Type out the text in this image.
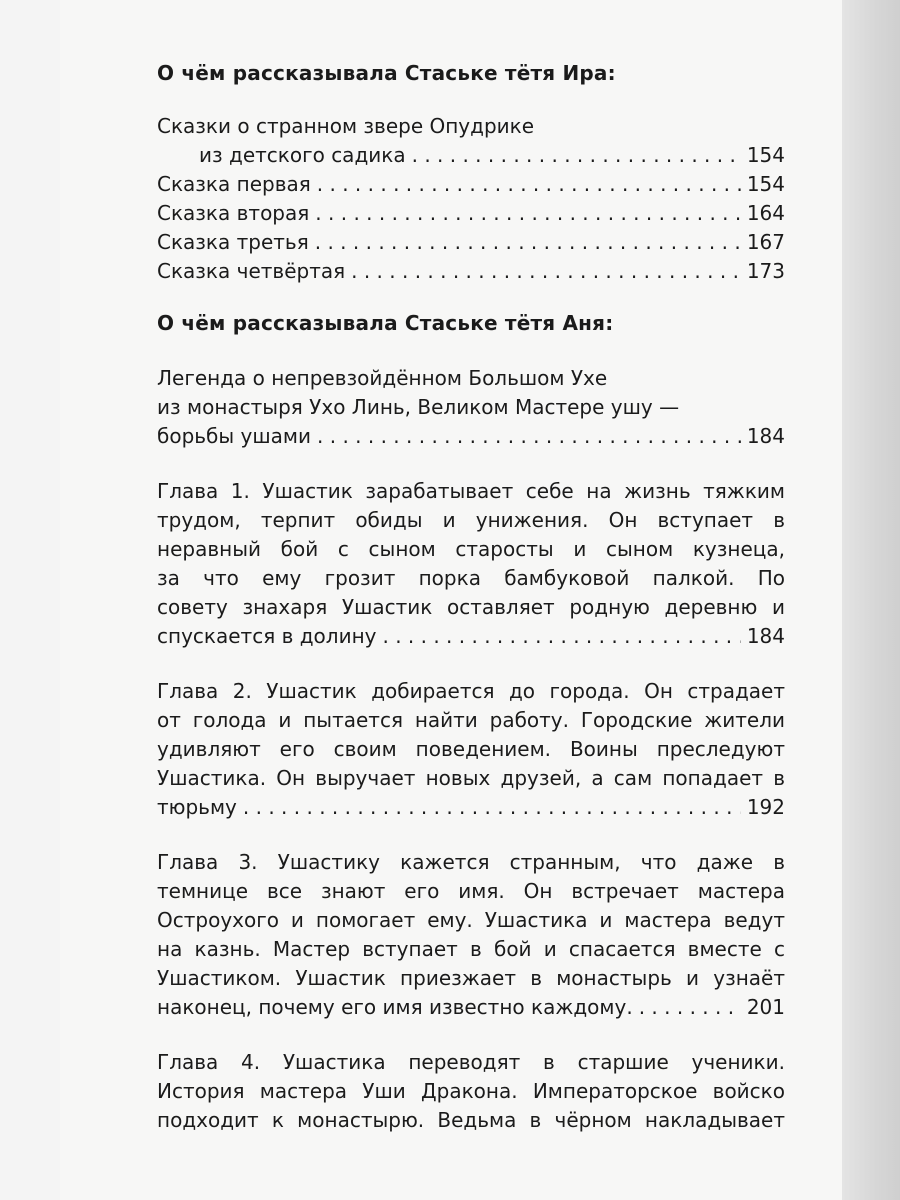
О чём рассказывала Стаське тётя Ира:

Сказки о странном звере Опудрике

из детского садика . . .	154
Сказка первая . . .	154
Сказка вторая . . .	164
Сказка третья . . .	167
Сказка четвёртая . . .	173

О чём рассказывала Стаське тётя Аня:

Легенда о непревзойдённом Большом Ухе

из монастыря Ухо Линь, Великом Мастере ушу —

борьбы ушами . . .	184

Глава 1. Ушастик зарабатывает себе на жизнь тяжким

трудом, терпит обиды и унижения. Он вступает в

неравный бой с сыном старосты и сыном кузнеца,

за что ему грозит порка бамбуковой палкой. По

совету знахаря Ушастик оставляет родную деревню и

спускается в долину . . .	184

Глава 2. Ушастик добирается до города. Он страдает

от голода и пытается найти работу. Городские жители

удивляют его своим поведением. Воины преследуют

Ушастика. Он выручает новых друзей, а сам попадает в

тюрьму . . .	192

Глава 3. Ушастику кажется странным, что даже в

темнице все знают его имя. Он встречает мастера

Остроухого и помогает ему. Ушастика и мастера ведут

на казнь. Мастер вступает в бой и спасается вместе с

Ушастиком. Ушастик приезжает в монастырь и узнаёт

наконец, почему его имя известно каждому. . . .	201

Глава 4. Ушастика переводят в старшие ученики.

История мастера Уши Дракона. Императорское войско

подходит к монастырю. Ведьма в чёрном накладывает
